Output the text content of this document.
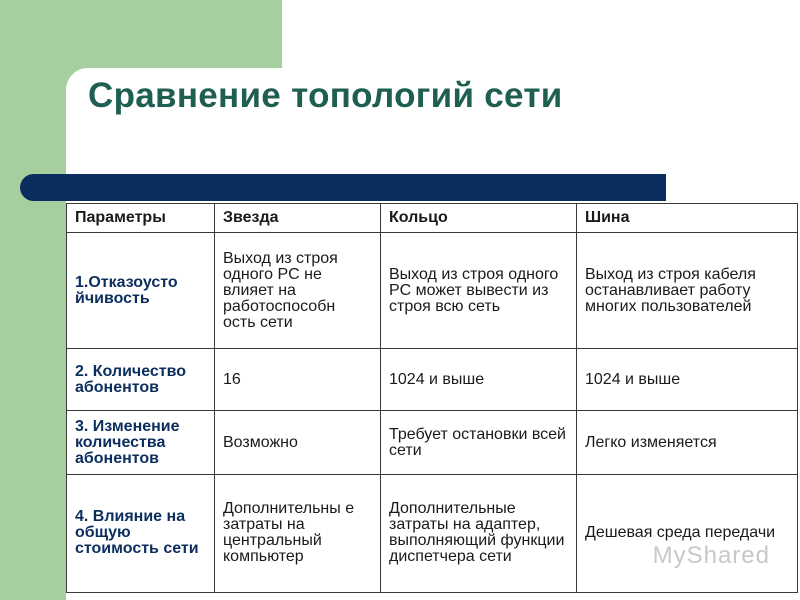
Сравнение топологий сети
Параметры	Звезда	Кольцо	Шина
1.Отказоусто йчивость	Выход из строя одного PC не влияет на работоспособн ость сети	Выход из строя одного PC может вывести из строя всю сеть	Выход из строя кабеля останавливает работу многих пользователей
2. Количество абонентов	16	1024 и выше	1024 и выше
3. Изменение количества абонентов	Возможно	Требует остановки всей сети	Легко изменяется
4. Влияние на общую стоимость сети	Дополнительны е затраты на центральный компьютер	Дополнительные затраты на адаптер, выполняющий функции диспетчера сети	Дешевая среда передачи
MyShared
